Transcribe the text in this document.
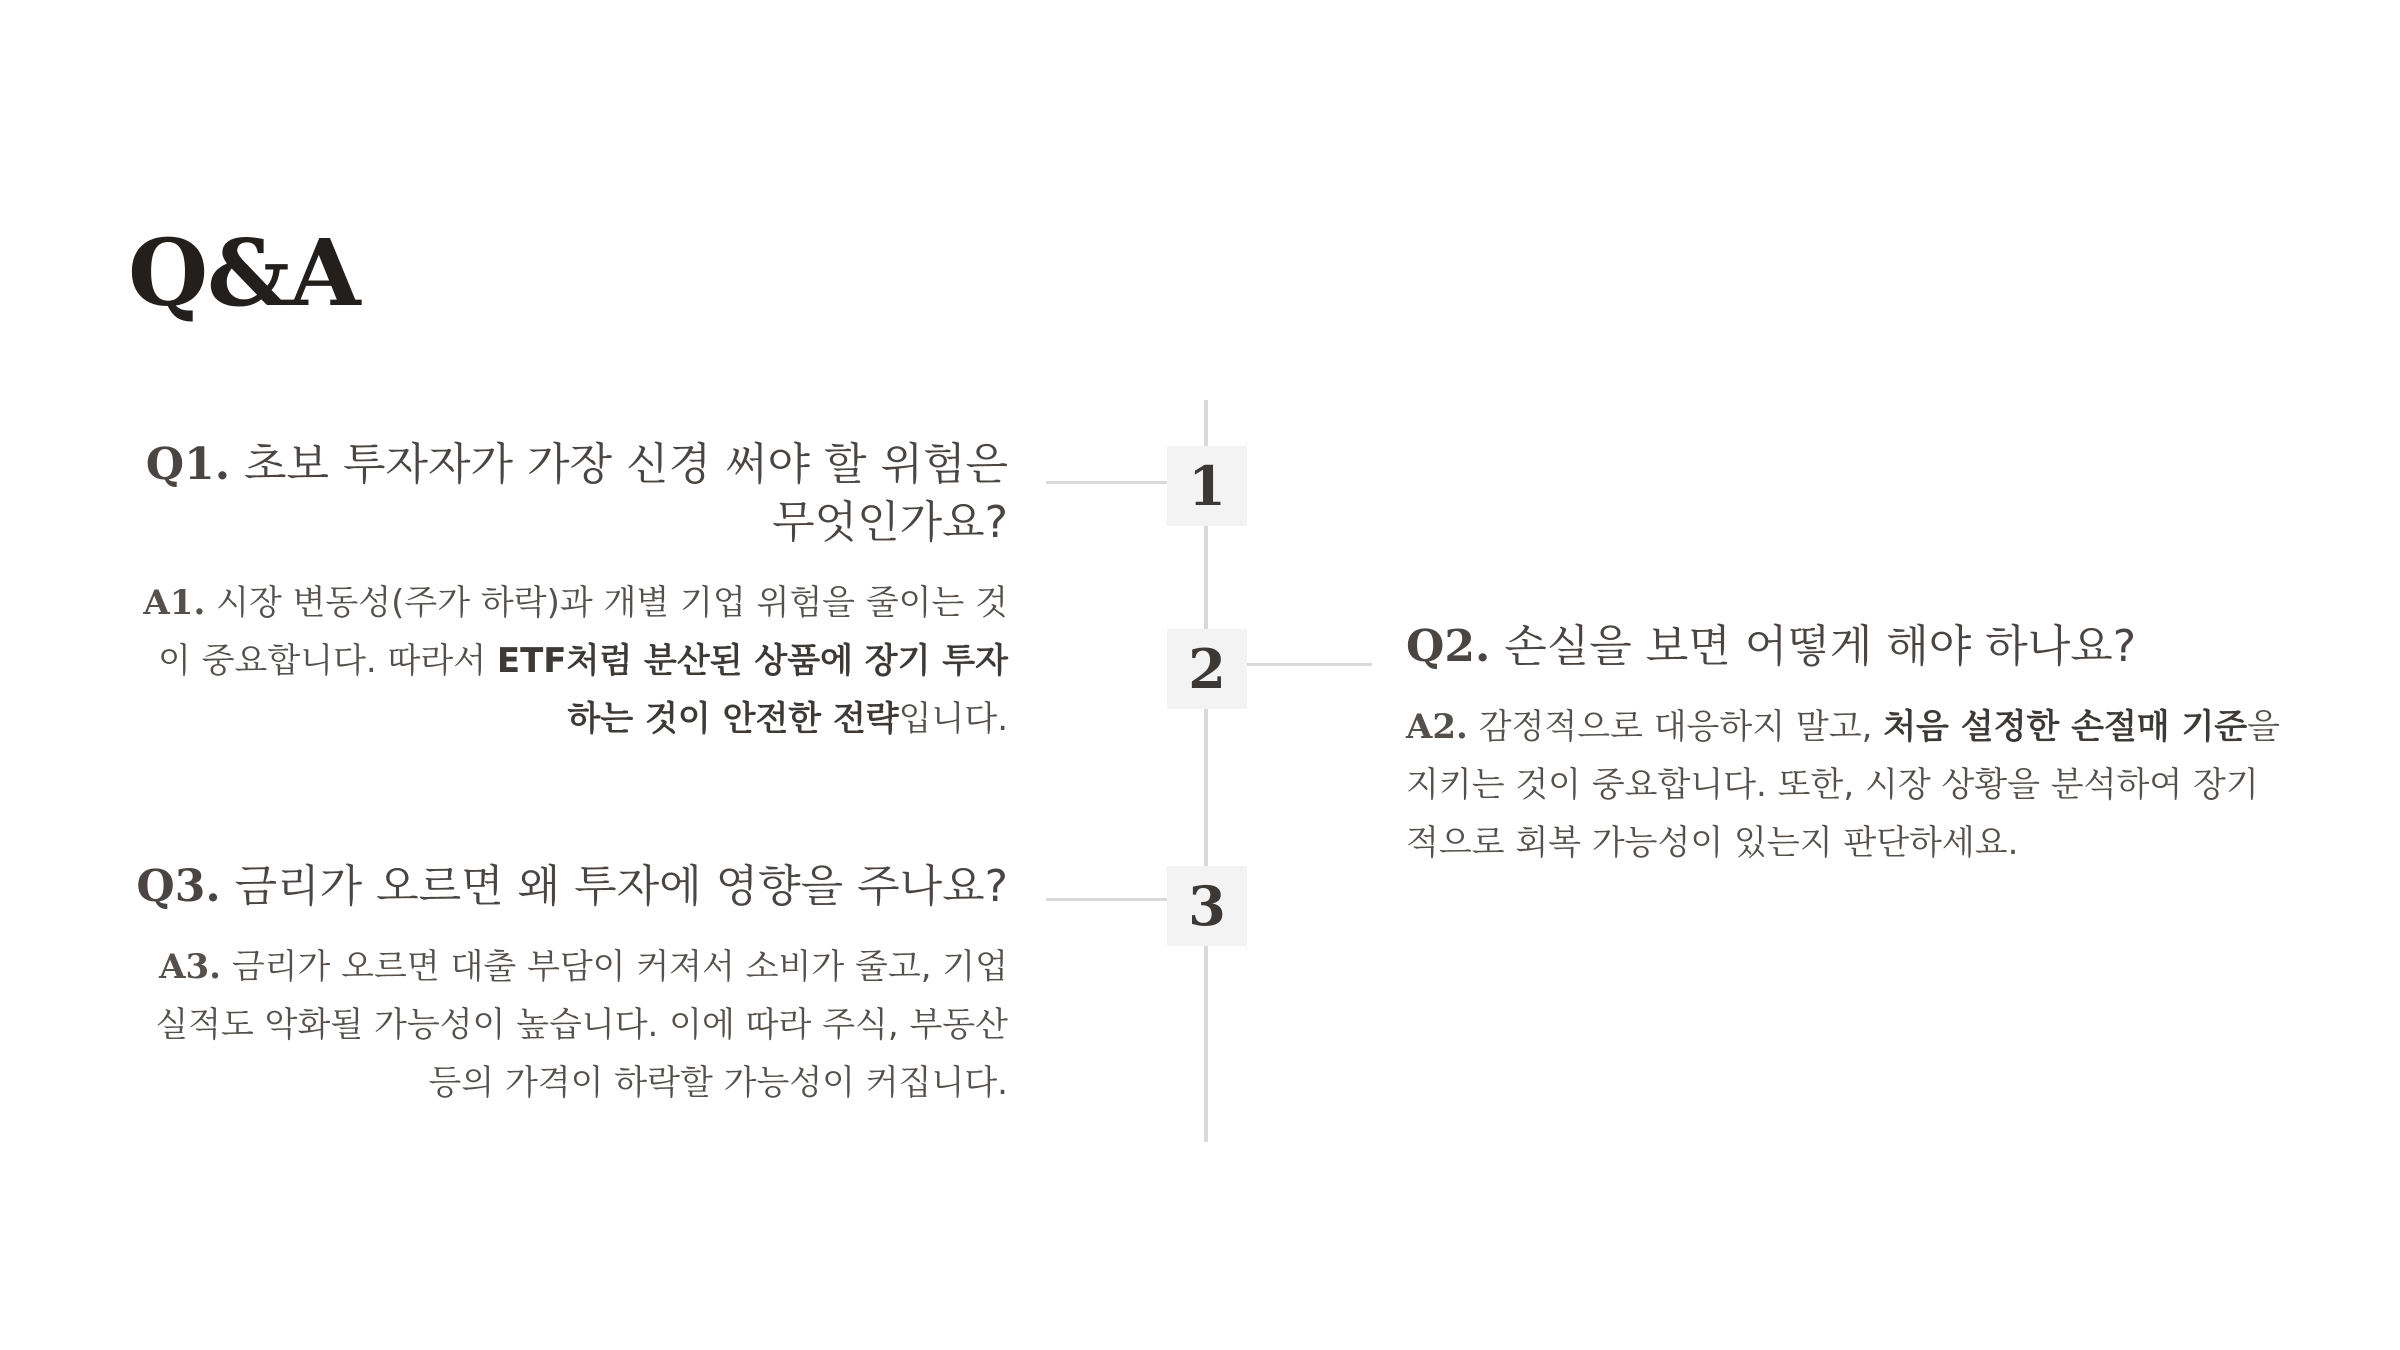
Q&A
1
2
3
Q1. 초보 투자자가 가장 신경 써야 할 위험은 무엇인가요?

A1. 시장 변동성(주가 하락)과 개별 기업 위험을 줄이는 것이 중요합니다. 따라서 ETF처럼 분산된 상품에 장기 투자하는 것이 안전한 전략입니다.

Q2. 손실을 보면 어떻게 해야 하나요?

A2. 감정적으로 대응하지 말고, 처음 설정한 손절매 기준을 지키는 것이 중요합니다. 또한, 시장 상황을 분석하여 장기적으로 회복 가능성이 있는지 판단하세요.

Q3. 금리가 오르면 왜 투자에 영향을 주나요?

A3. 금리가 오르면 대출 부담이 커져서 소비가 줄고, 기업 실적도 악화될 가능성이 높습니다. 이에 따라 주식, 부동산 등의 가격이 하락할 가능성이 커집니다.
